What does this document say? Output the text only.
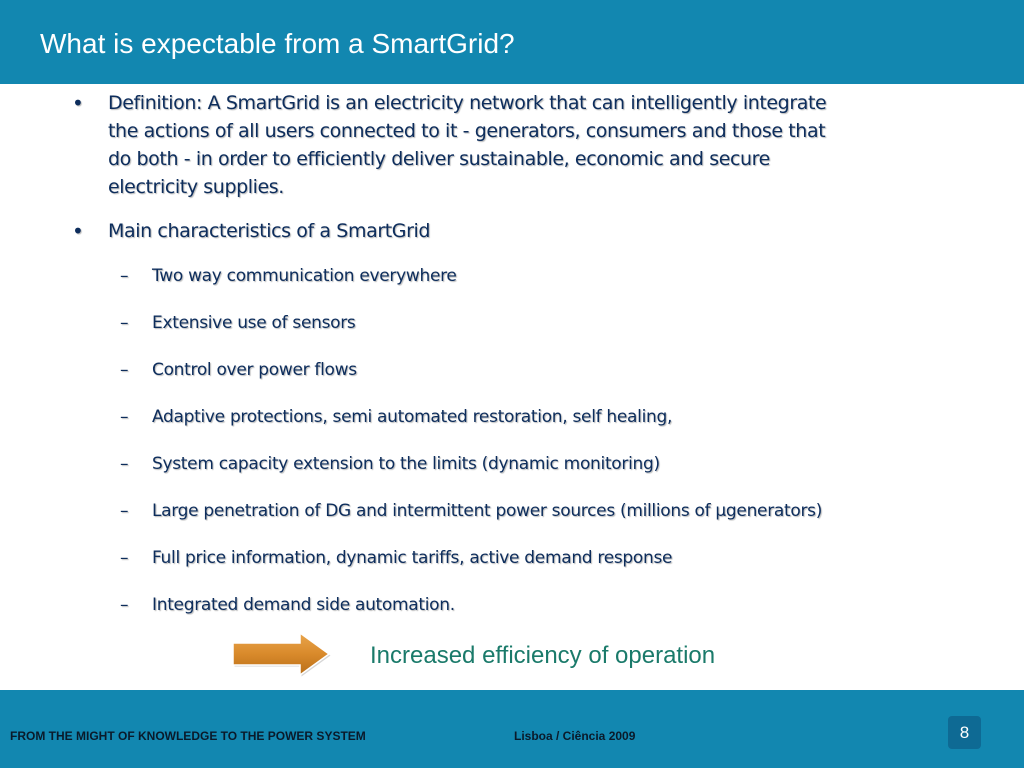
What is expectable from a SmartGrid?
• Definition: A SmartGrid is an electricity network that can intelligently integrate
the actions of all users connected to it - generators, consumers and those that
do both - in order to efficiently deliver sustainable, economic and secure
electricity supplies.
• Main characteristics of a SmartGrid
– Two way communication everywhere
– Extensive use of sensors
– Control over power flows
– Adaptive protections, semi automated restoration, self healing,
– System capacity extension to the limits (dynamic monitoring)
– Large penetration of DG and intermittent power sources (millions of µgenerators)
– Full price information, dynamic tariffs, active demand response
– Integrated demand side automation.
Increased efficiency of operation
FROM THE MIGHT OF KNOWLEDGE TO THE POWER SYSTEM	Lisboa / Ciência 2009	8
